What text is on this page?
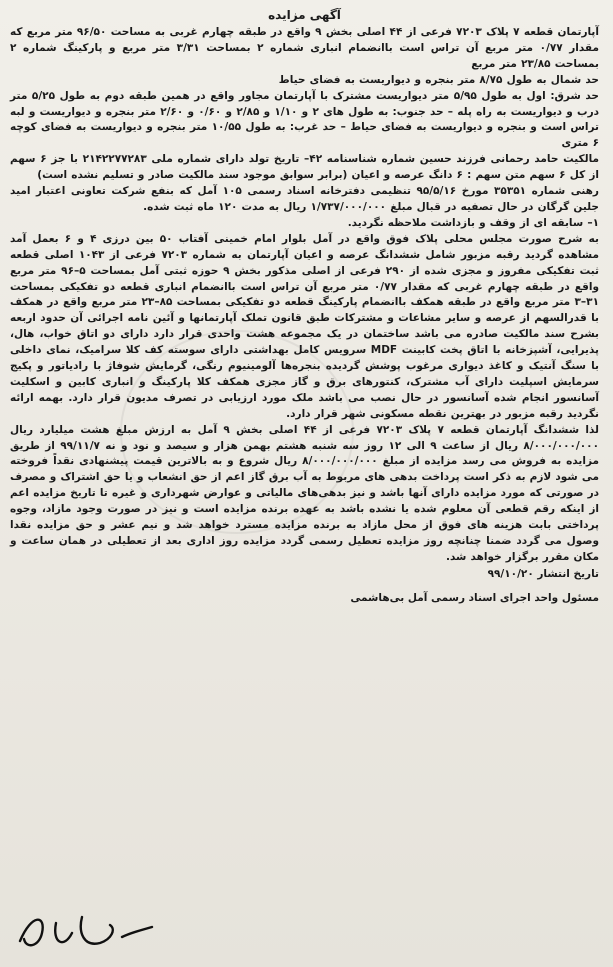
آگهی مزایده

آپارتمان قطعه ۷ پلاک ۷۲۰۳ فرعی از ۴۴ اصلی بخش ۹ واقع در طبقه چهارم غربی به مساحت ۹۶/۵۰ متر مربع که مقدار ۰/۷۷ متر مربع آن تراس است باانضمام انباری شماره ۲ بمساحت ۳/۳۱ متر مربع و پارکینگ شماره ۲ بمساحت ۲۳/۸۵ متر مربع

حد شمال به طول ۸/۷۵ متر بنجره و دیواریست به فضای حیاط

حد شرق: اول به طول ۵/۹۵ متر دیواریست مشترک با آپارتمان مجاور واقع در همین طبقه دوم به طول ۵/۲۵ متر درب و دیواریست به راه پله – حد جنوب: به طول های ۲ و ۱/۱۰ و ۲/۸۵ و ۰/۶۰ و ۲/۶۰ متر بنجره و دیواریست و لبه تراس است و بنجره و دیواریست به فضای حیاط – حد غرب: به طول ۱۰/۵۵ متر بنجره و دیواریست به فضای کوچه ۶ متری

مالکیت حامد رحمانی فرزند حسین شماره شناسنامه ۴۲– تاریخ تولد دارای شماره ملی ۲۱۴۲۲۷۷۲۸۳ با جز ۶ سهم از کل ۶ سهم متن سهم : ۶ دانگ عرصه و اعیان (برابر سوابق موجود سند مالکیت صادر و تسلیم نشده است)

رهنی شماره ۳۵۳۵۱ مورخ ۹۵/۵/۱۶ تنظیمی دفترخانه اسناد رسمی ۱۰۵ آمل که بنفع شرکت تعاونی اعتبار امید جلین گرگان در حال تصفیه در قبال مبلغ ۱/۷۳۷/۰۰۰/۰۰۰ ریال به مدت ۱۲۰ ماه ثبت شده.

۱– سابقه ای از وقف و بازداشت ملاحظه نگردید.

به شرح صورت مجلس محلی پلاک فوق واقع در آمل بلوار امام خمینی آفتاب ۵۰ بین درزی ۴ و ۶ بعمل آمد مشاهده گردید رقبه مزبور شامل ششدانگ عرصه و اعیان آپارتمان به شماره ۷۲۰۳ فرعی از ۱۰۴۳ اصلی قطعه ثبت تفکیکی مفروز و مجزی شده از ۲۹۰ فرعی از اصلی مذکور بخش ۹ حوزه ثبتی آمل بمساحت ۵–۹۶ متر مربع واقع در طبقه چهارم غربی که مقدار ۰/۷۷ متر مربع آن تراس است باانضمام انباری قطعه دو تفکیکی بمساحت ۳۱–۳ متر مربع واقع در طبقه همکف باانضمام پارکینگ قطعه دو تفکیکی بمساحت ۸۵–۲۳ متر مربع واقع در همکف با قدرالسهم از عرصه و سایر مشاعات و مشترکات طبق قانون تملک آپارتمانها و آئین نامه اجرائی آن حدود اربعه بشرح سند مالکیت صادره می باشد ساختمان در یک مجموعه هشت واحدی قرار دارد دارای دو اتاق خواب، هال، پذیرایی، آشپزخانه با اتاق پخت کابینت MDF سرویس کامل بهداشتی دارای سوسته کف کلا سرامیک، نمای داخلی با سنگ آنتیک و کاغذ دیواری مرغوب پوشش گردیده بنجره‌ها آلومینیوم رنگی، گرمایش شوفاژ با رادیاتور و پکیج سرمایش اسپلیت دارای آب مشترک، کنتورهای برق و گاز مجزی همکف کلا پارکینگ و انباری کابین و اسکلیت آسانسور انجام شده آسانسور در حال نصب می باشد ملک مورد ارزیابی در تصرف مدیون قرار دارد. بهمه ارائه نگردید رقبه مزبور در بهترین نقطه مسکونی شهر قرار دارد.

لذا ششدانگ آپارتمان قطعه ۷ پلاک ۷۲۰۳ فرعی از ۴۴ اصلی بخش ۹ آمل به ارزش مبلغ هشت میلیارد ریال ۸/۰۰۰/۰۰۰/۰۰۰ ریال از ساعت ۹ الی ۱۲ روز سه شنبه هشتم بهمن هزار و سیصد و نود و نه ۹۹/۱۱/۷ از طریق مزایده به فروش می رسد مزایده از مبلغ ۸/۰۰۰/۰۰۰/۰۰۰ ریال شروع و به بالاترین قیمت پیشنهادی نقداً فروخته می شود لازم به ذکر است پرداخت بدهی های مربوط به آب برق گاز اعم از حق انشعاب و یا حق اشتراک و مصرف در صورتی که مورد مزایده دارای آنها باشد و نیز بدهی‌های مالیاتی و عوارض شهرداری و غیره تا تاریخ مزایده اعم از اینکه رقم قطعی آن معلوم شده یا نشده باشد به عهده برنده مزایده است و نیز در صورت وجود مازاد، وجوه پرداختی بابت هزینه های فوق از محل مازاد به برنده مزایده مسترد خواهد شد و نیم عشر و حق مزایده نقدا وصول می گردد ضمنا چنانچه روز مزایده تعطیل رسمی گردد مزایده روز اداری بعد از تعطیلی در همان ساعت و مکان مقرر برگزار خواهد شد.

تاریخ انتشار ۹۹/۱۰/۲۰
مسئول واحد اجرای اسناد رسمی آمل بی‌هاشمی
